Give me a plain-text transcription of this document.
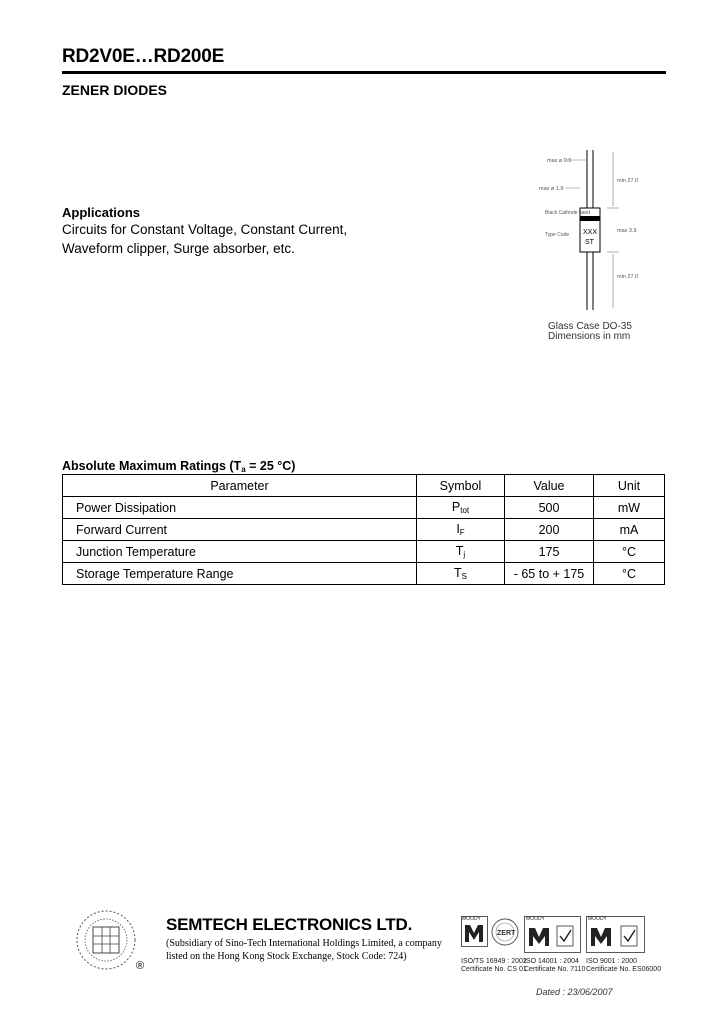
RD2V0E…RD200E
ZENER DIODES
Applications
Circuits for Constant Voltage, Constant Current,
Waveform clipper, Surge absorber, etc.
XXX
ST
min 27.0
max 3.9
min 27.0
max ø 0.5
max ø 1.9
Black Cathode band
Type Code
Glass Case DO-35
Dimensions in mm
Absolute Maximum Ratings ($T_a = 25$ °C)
Parameter	Symbol	Value	Unit
Power Dissipation	$P_{tot}$	500	mW
Forward Current	$I_F$	200	mA
Junction Temperature	$T_j$	175	°C
Storage Temperature Range	$T_S$	- 65 to + 175	°C
®
SEMTECH ELECTRONICS LTD.
(Subsidiary of Sino-Tech International Holdings Limited, a company
listed on the Hong Kong Stock Exchange, Stock Code: 724)
ZERT
MOODY
ISO/TS 16949 : 2002
Certificate No. CS 01
MOODY
ISO 14001 : 2004
Certificate No. 7110
MOODY
ISO 9001 : 2000
Certificate No. ES06000
Dated : 23/06/2007
